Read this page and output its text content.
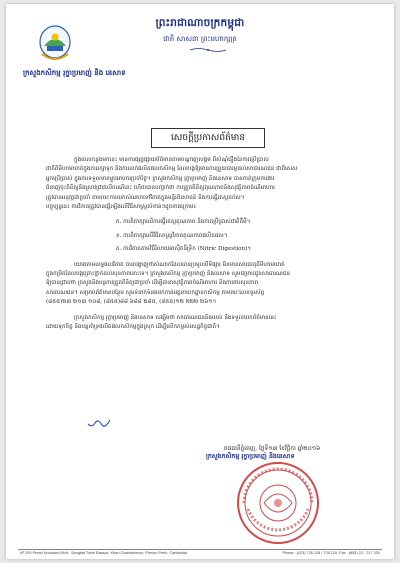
ព្រះរាជាណាចក្រកម្ពុជា
ជាតិ សាសនា ព្រះមហាក្សត្រ
ក្រសួងកសិកម្ម រុក្ខាប្រមាញ់ និង នេសាទ
សេចក្តីប្រកាសព័ត៌មាន
ក្នុងពេលកន្លងមកនេះ មានការផ្សព្វផ្សាយព័ត៌មានតាមបណ្តាញសង្គម ពីសំណុំរឿងនៃការប្រើប្រាស់
ជាតិគីមីហាមឃាត់ក្នុងការរក្សាទុក និងការលក់ផលិតផលកសិកម្ម ដែលបង្កឱ្យមានការព្រួយបារម្ភដល់សាធារណជន ជាពិសេស
អ្នកប្រើប្រាស់ ក្នុងការទទួលទានម្ហូបអាហារប្រចាំថ្ងៃ។ ក្រសួងកសិកម្ម រុក្ខាប្រមាញ់ និងនេសាទ បានចាត់ក្រុមការងារ
ជំនាញចុះពិនិត្យនិងស្រាវជ្រាវលើករណីនេះ ហើយបានបញ្ជាក់ថា ការត្រួតពិនិត្យគុណភាពនិងសុវត្ថិភាពចំណីអាហារ
ត្រូវបានអនុវត្តជាប្រចាំ តាមរយៈការយកសំណាកទៅវិភាគក្នុងមន្ទីរពិសោធន៍ និងការធ្វើតេស្តរហ័ស។
បច្ចុប្បន្ននេះ ការវិភាគត្រូវបានធ្វើឡើងលើវិធីសាស្ត្រសំខាន់ៗដូចខាងក្រោម៖
ក. ការពិភាក្សាលើការធ្វើតេស្តគុណភាព និងការប្រើប្រាស់ជាតិគីមី។
ខ. ការពិភាក្សាលើវិធីសាស្ត្រវិភាគគុណភាពផលិតផល។
គ. ការវិភាគតាមវិធីរំលាយអាស៊ីតនីទ្រិក (Nitric Digestion)។
យោងតាមលទ្ធផលវិភាគ បានបង្ហាញថាសំណាកដែលបានប្រមូលពីទីផ្សារ មិនមានសារធាតុគីមីហាមឃាត់
ក្នុងកម្រិតដែលបង្កគ្រោះថ្នាក់ដល់សុខភាពនោះទេ។ ក្រសួងកសិកម្ម រុក្ខាប្រមាញ់ និងនេសាទ សូមជម្រាបជូនសាធារណជន
ឱ្យបានជ្រាបថា ក្រសួងនឹងបន្តការត្រួតពិនិត្យជាប្រចាំ ដើម្បីធានាសុវត្ថិភាពចំណីអាហារ និងការពារសុខភាព
សាធារណជន។ សម្រាប់ព័ត៌មានបន្ថែម សូមទំនាក់ទំនងមកកាន់អគ្គនាយកដ្ឋានកសិកម្ម តាមរយៈលេខទូរស័ព្ទ
(៨៥៥)២៣ ២១៣ ១០៨, (៨៥៥)៨៨ ៦៨៨ ២៨៥, (៨៥៥)១២ ២២២ ២៦១។
ក្រសួងកសិកម្ម រុក្ខាប្រមាញ់ និងនេសាទ សង្ឃឹមថា សាធារណជននឹងយល់ និងទទួលយកព័ត៌មាននេះ
ដោយទុកចិត្ត និងបន្តគាំទ្រផលិតផលកសិកម្មក្នុងស្រុក ដើម្បីលើកកម្ពស់សេដ្ឋកិច្ចជាតិ។
រាជធានីភ្នំពេញ, ថ្ងៃទី១៣ ខែវិច្ឆិកា ឆ្នាំ២០១៦
ក្រសួងកសិកម្ម រុក្ខាប្រមាញ់ និងនេសាទ
Nº 200 Preah Norodom Blvd., Sangkat Tonle Bassac, Khan Chamkarmon, Phnom Penh, Cambodia	Phone : (023) 726 128 / 726 129, Fax : (855) 23 - 217 320
